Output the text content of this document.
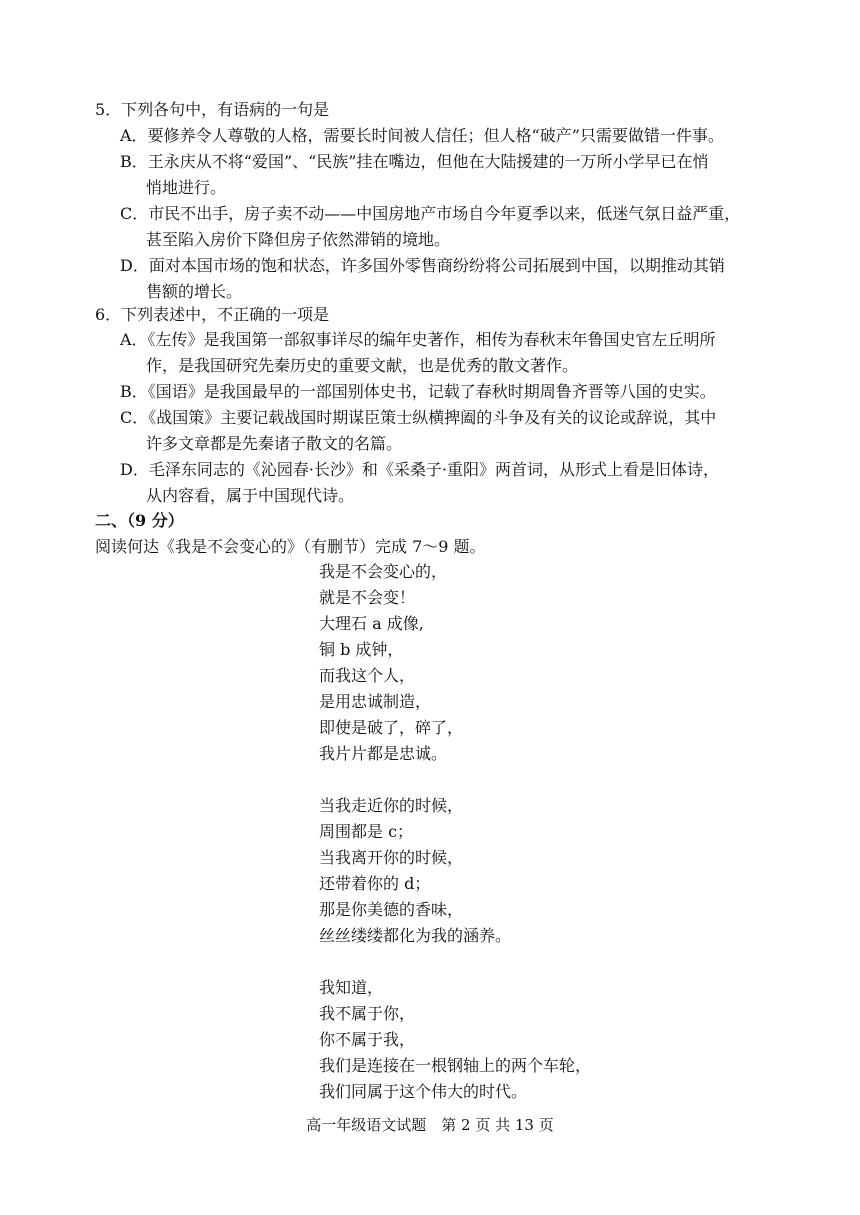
5．下列各句中，有语病的一句是
A．要修养令人尊敬的人格，需要长时间被人信任；但人格“破产”只需要做错一件事。
B．王永庆从不将“爱国”、“民族”挂在嘴边，但他在大陆援建的一万所小学早已在悄
悄地进行。
C．市民不出手，房子卖不动——中国房地产市场自今年夏季以来，低迷气氛日益严重，
甚至陷入房价下降但房子依然滞销的境地。
D．面对本国市场的饱和状态，许多国外零售商纷纷将公司拓展到中国，以期推动其销
售额的增长。
6．下列表述中，不正确的一项是
A．《左传》是我国第一部叙事详尽的编年史著作，相传为春秋末年鲁国史官左丘明所
作，是我国研究先秦历史的重要文献，也是优秀的散文著作。
B．《国语》是我国最早的一部国别体史书，记载了春秋时期周鲁齐晋等八国的史实。
C．《战国策》主要记载战国时期谋臣策士纵横捭阖的斗争及有关的议论或辞说，其中
许多文章都是先秦诸子散文的名篇。
D．毛泽东同志的《沁园春·长沙》和《采桑子·重阳》两首词，从形式上看是旧体诗，
从内容看，属于中国现代诗。
二、（9 分）
阅读何达《我是不会变心的》（有删节）完成 7～9 题。
我是不会变心的，
就是不会变！
大理石 a 成像,
铜 b 成钟，
而我这个人，
是用忠诚制造，
即使是破了，碎了，
我片片都是忠诚。
当我走近你的时候，
周围都是 c；
当我离开你的时候，
还带着你的 d；
那是你美德的香味，
丝丝缕缕都化为我的涵养。
我知道，
我不属于你，
你不属于我，
我们是连接在一根钢轴上的两个车轮，
我们同属于这个伟大的时代。
高一年级语文试题　第 2 页 共 13 页
